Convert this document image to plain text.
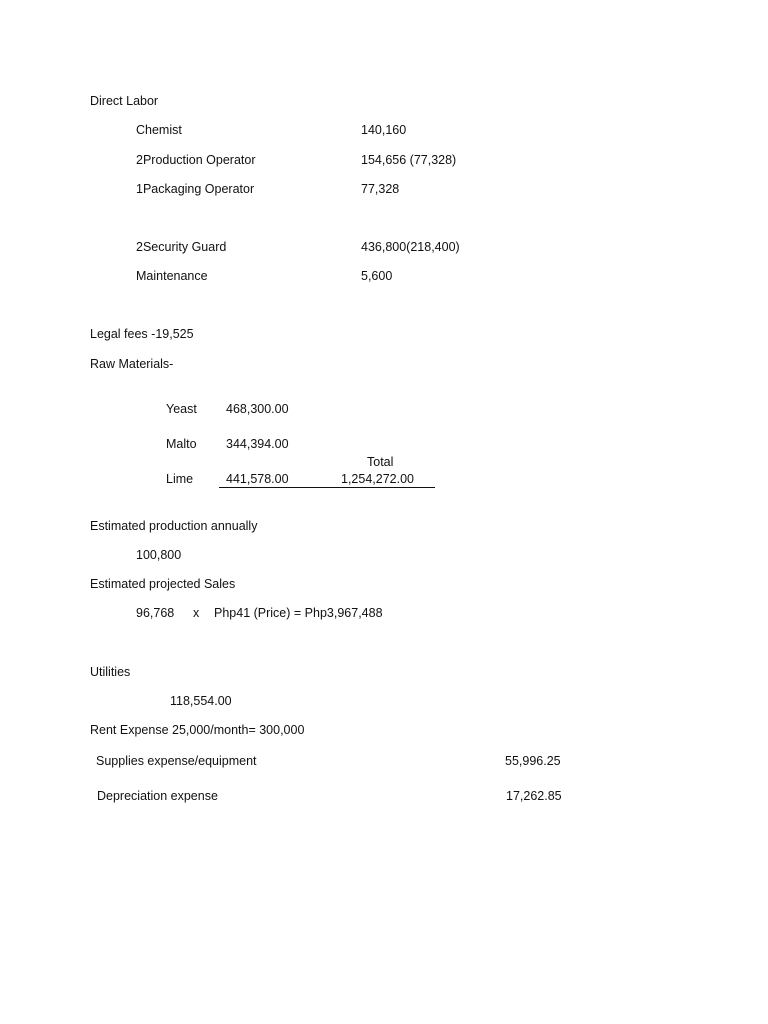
Direct Labor
Chemist	140,160
2Production Operator	154,656 (77,328)
1Packaging Operator	77,328
2Security Guard	436,800(218,400)
Maintenance	5,600
Legal fees -19,525
Raw Materials-
Yeast 468,300.00
Malto 344,394.00
Total
Lime	441,578.00	1,254,272.00
Estimated production annually
100,800
Estimated projected Sales
96,768 x Php41 (Price) = Php3,967,488
Utilities
118,554.00
Rent Expense 25,000/month= 300,000
Supplies expense/equipment	55,996.25
Depreciation expense	17,262.85
